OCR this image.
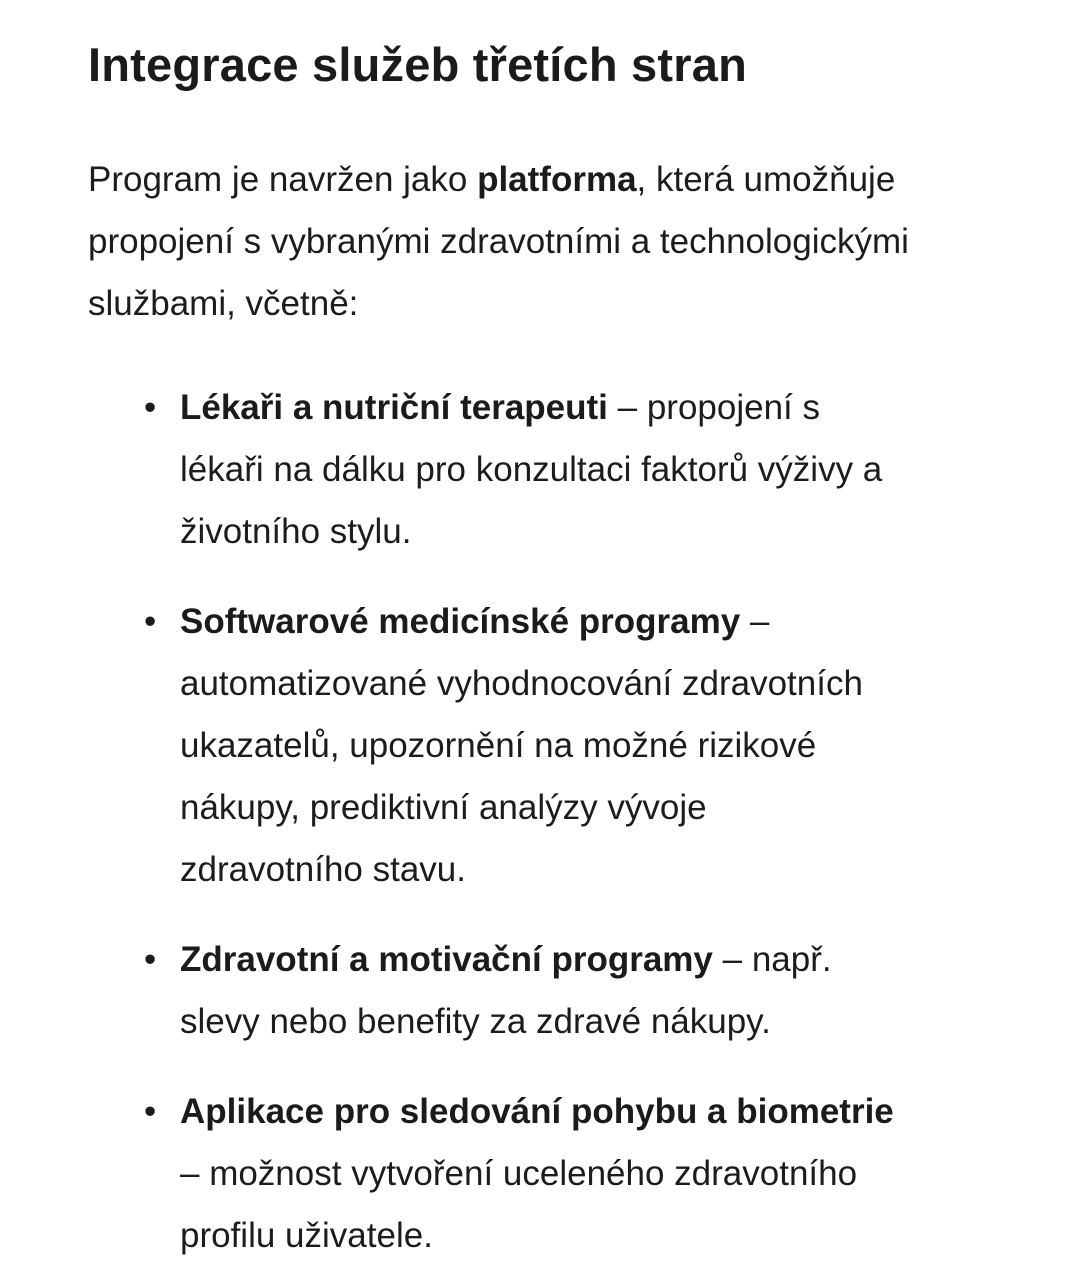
Integrace služeb třetích stran

Program je navržen jako platforma, která umožňuje propojení s vybranými zdravotními a technologickými službami, včetně:

• Lékaři a nutriční terapeuti – propojení s lékaři na dálku pro konzultaci faktorů výživy a životního stylu.
• Softwarové medicínské programy – automatizované vyhodnocování zdravotních ukazatelů, upozornění na možné rizikové nákupy, prediktivní analýzy vývoje zdravotního stavu.
• Zdravotní a motivační programy – např. slevy nebo benefity za zdravé nákupy.
• Aplikace pro sledování pohybu a biometrie – možnost vytvoření uceleného zdravotního profilu uživatele.
